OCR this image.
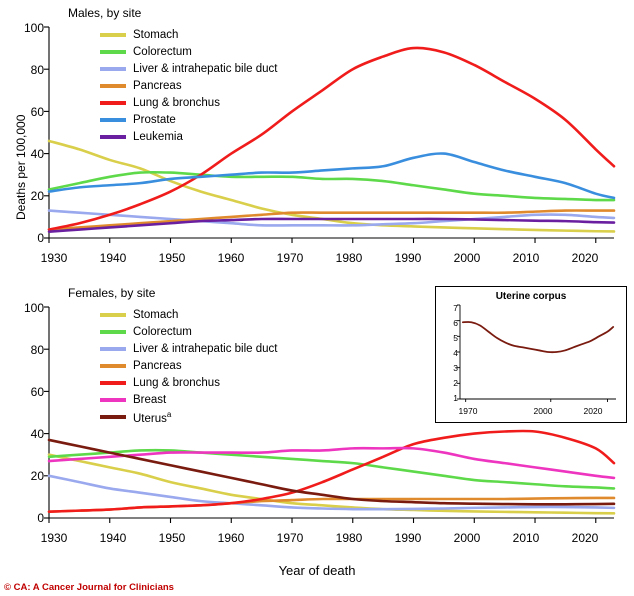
Males, by site
Deaths per 100,000
100
80
60
40
20
0
1930	1940	1950	1960	1970	1980	1990	2000	2010	2020
Stomach
Colorectum
Liver & intrahepatic bile duct
Pancreas
Lung & bronchus
Prostate
Leukemia
Females, by site
100
80
60
40
20
0
1930	1940	1950	1960	1970	1980	1990	2000	2010	2020
Stomach
Colorectum
Liver & intrahepatic bile duct
Pancreas
Lung & bronchus
Breast
Uterus$^a$
Uterine corpus
7
6
5
4
3
2
1
1970	2000	2020
Year of death
© CA: A Cancer Journal for Clinicians
